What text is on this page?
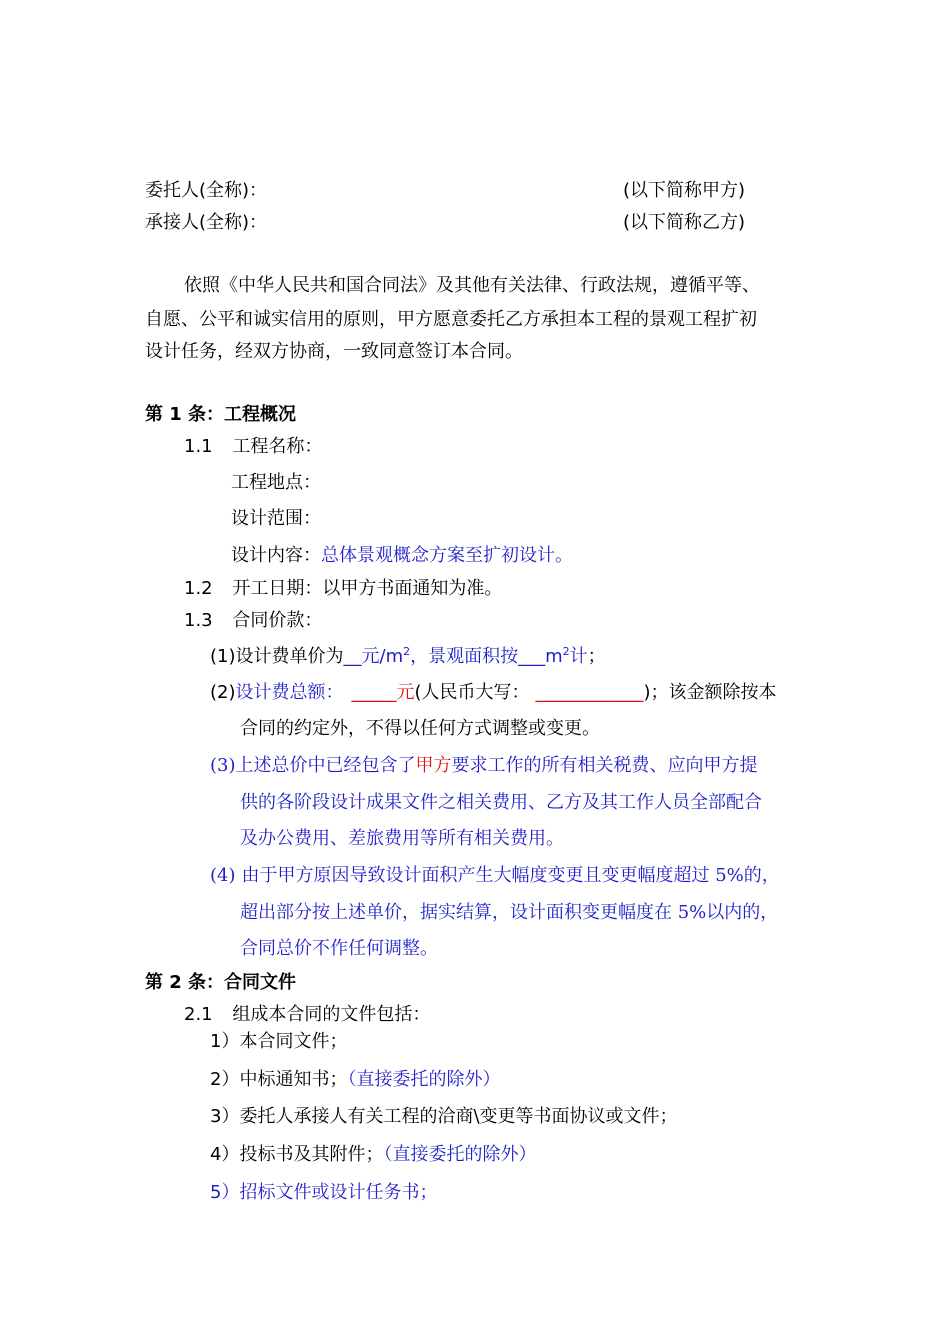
委托人(全称)：	(以下简称甲方)
承接人(全称)：	(以下简称乙方)
依照《中华人民共和国合同法》及其他有关法律、行政法规，遵循平等、
自愿、公平和诚实信用的原则，甲方愿意委托乙方承担本工程的景观工程扩初
设计任务，经双方协商，一致同意签订本合同。
第 1 条：工程概况
1.1 工程名称：
工程地点：
设计范围：
设计内容：总体景观概念方案至扩初设计。
1.2 开工日期：以甲方书面通知为准。
1.3 合同价款：
(1)设计费单价为__元$/m^2$，景观面积按$\_\_\_m^2$计；
(2)设计费总额： _____元(人民币大写： ____________)；该金额除按本
合同的约定外，不得以任何方式调整或变更。
(3)上述总价中已经包含了甲方要求工作的所有相关税费、应向甲方提
供的各阶段设计成果文件之相关费用、乙方及其工作人员全部配合
及办公费用、差旅费用等所有相关费用。
(4) 由于甲方原因导致设计面积产生大幅度变更且变更幅度超过 5%的，
超出部分按上述单价，据实结算，设计面积变更幅度在 5%以内的，
合同总价不作任何调整。
第 2 条：合同文件
2.1 组成本合同的文件包括：
1）本合同文件；
2）中标通知书；（直接委托的除外）
3）委托人承接人有关工程的洽商\变更等书面协议或文件；
4）投标书及其附件；（直接委托的除外）
5）招标文件或设计任务书；
